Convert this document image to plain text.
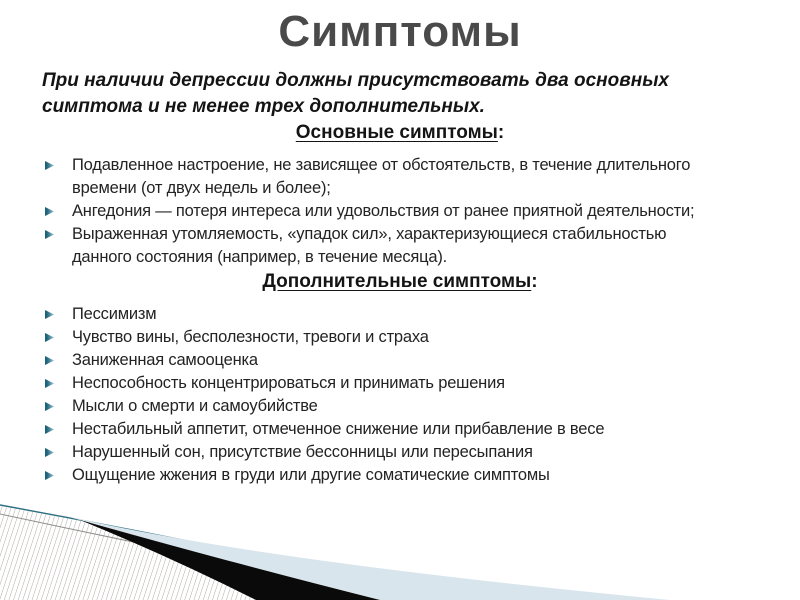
Симптомы
При наличии депрессии должны присутствовать два основных
симптома и не менее трех дополнительных.
Основные симптомы:
Подавленное настроение, не зависящее от обстоятельств, в течение длительного
времени (от двух недель и более);
Ангедония — потеря интереса или удовольствия от ранее приятной деятельности;
Выраженная утомляемость, «упадок сил», характеризующиеся стабильностью
данного состояния (например, в течение месяца).
Дополнительные симптомы:
Пессимизм
Чувство вины, бесполезности, тревоги и страха
Заниженная самооценка
Неспособность концентрироваться и принимать решения
Мысли о смерти и самоубийстве
Нестабильный аппетит, отмеченное снижение или прибавление в весе
Нарушенный сон, присутствие бессонницы или пересыпания
Ощущение жжения в груди или другие соматические симптомы
